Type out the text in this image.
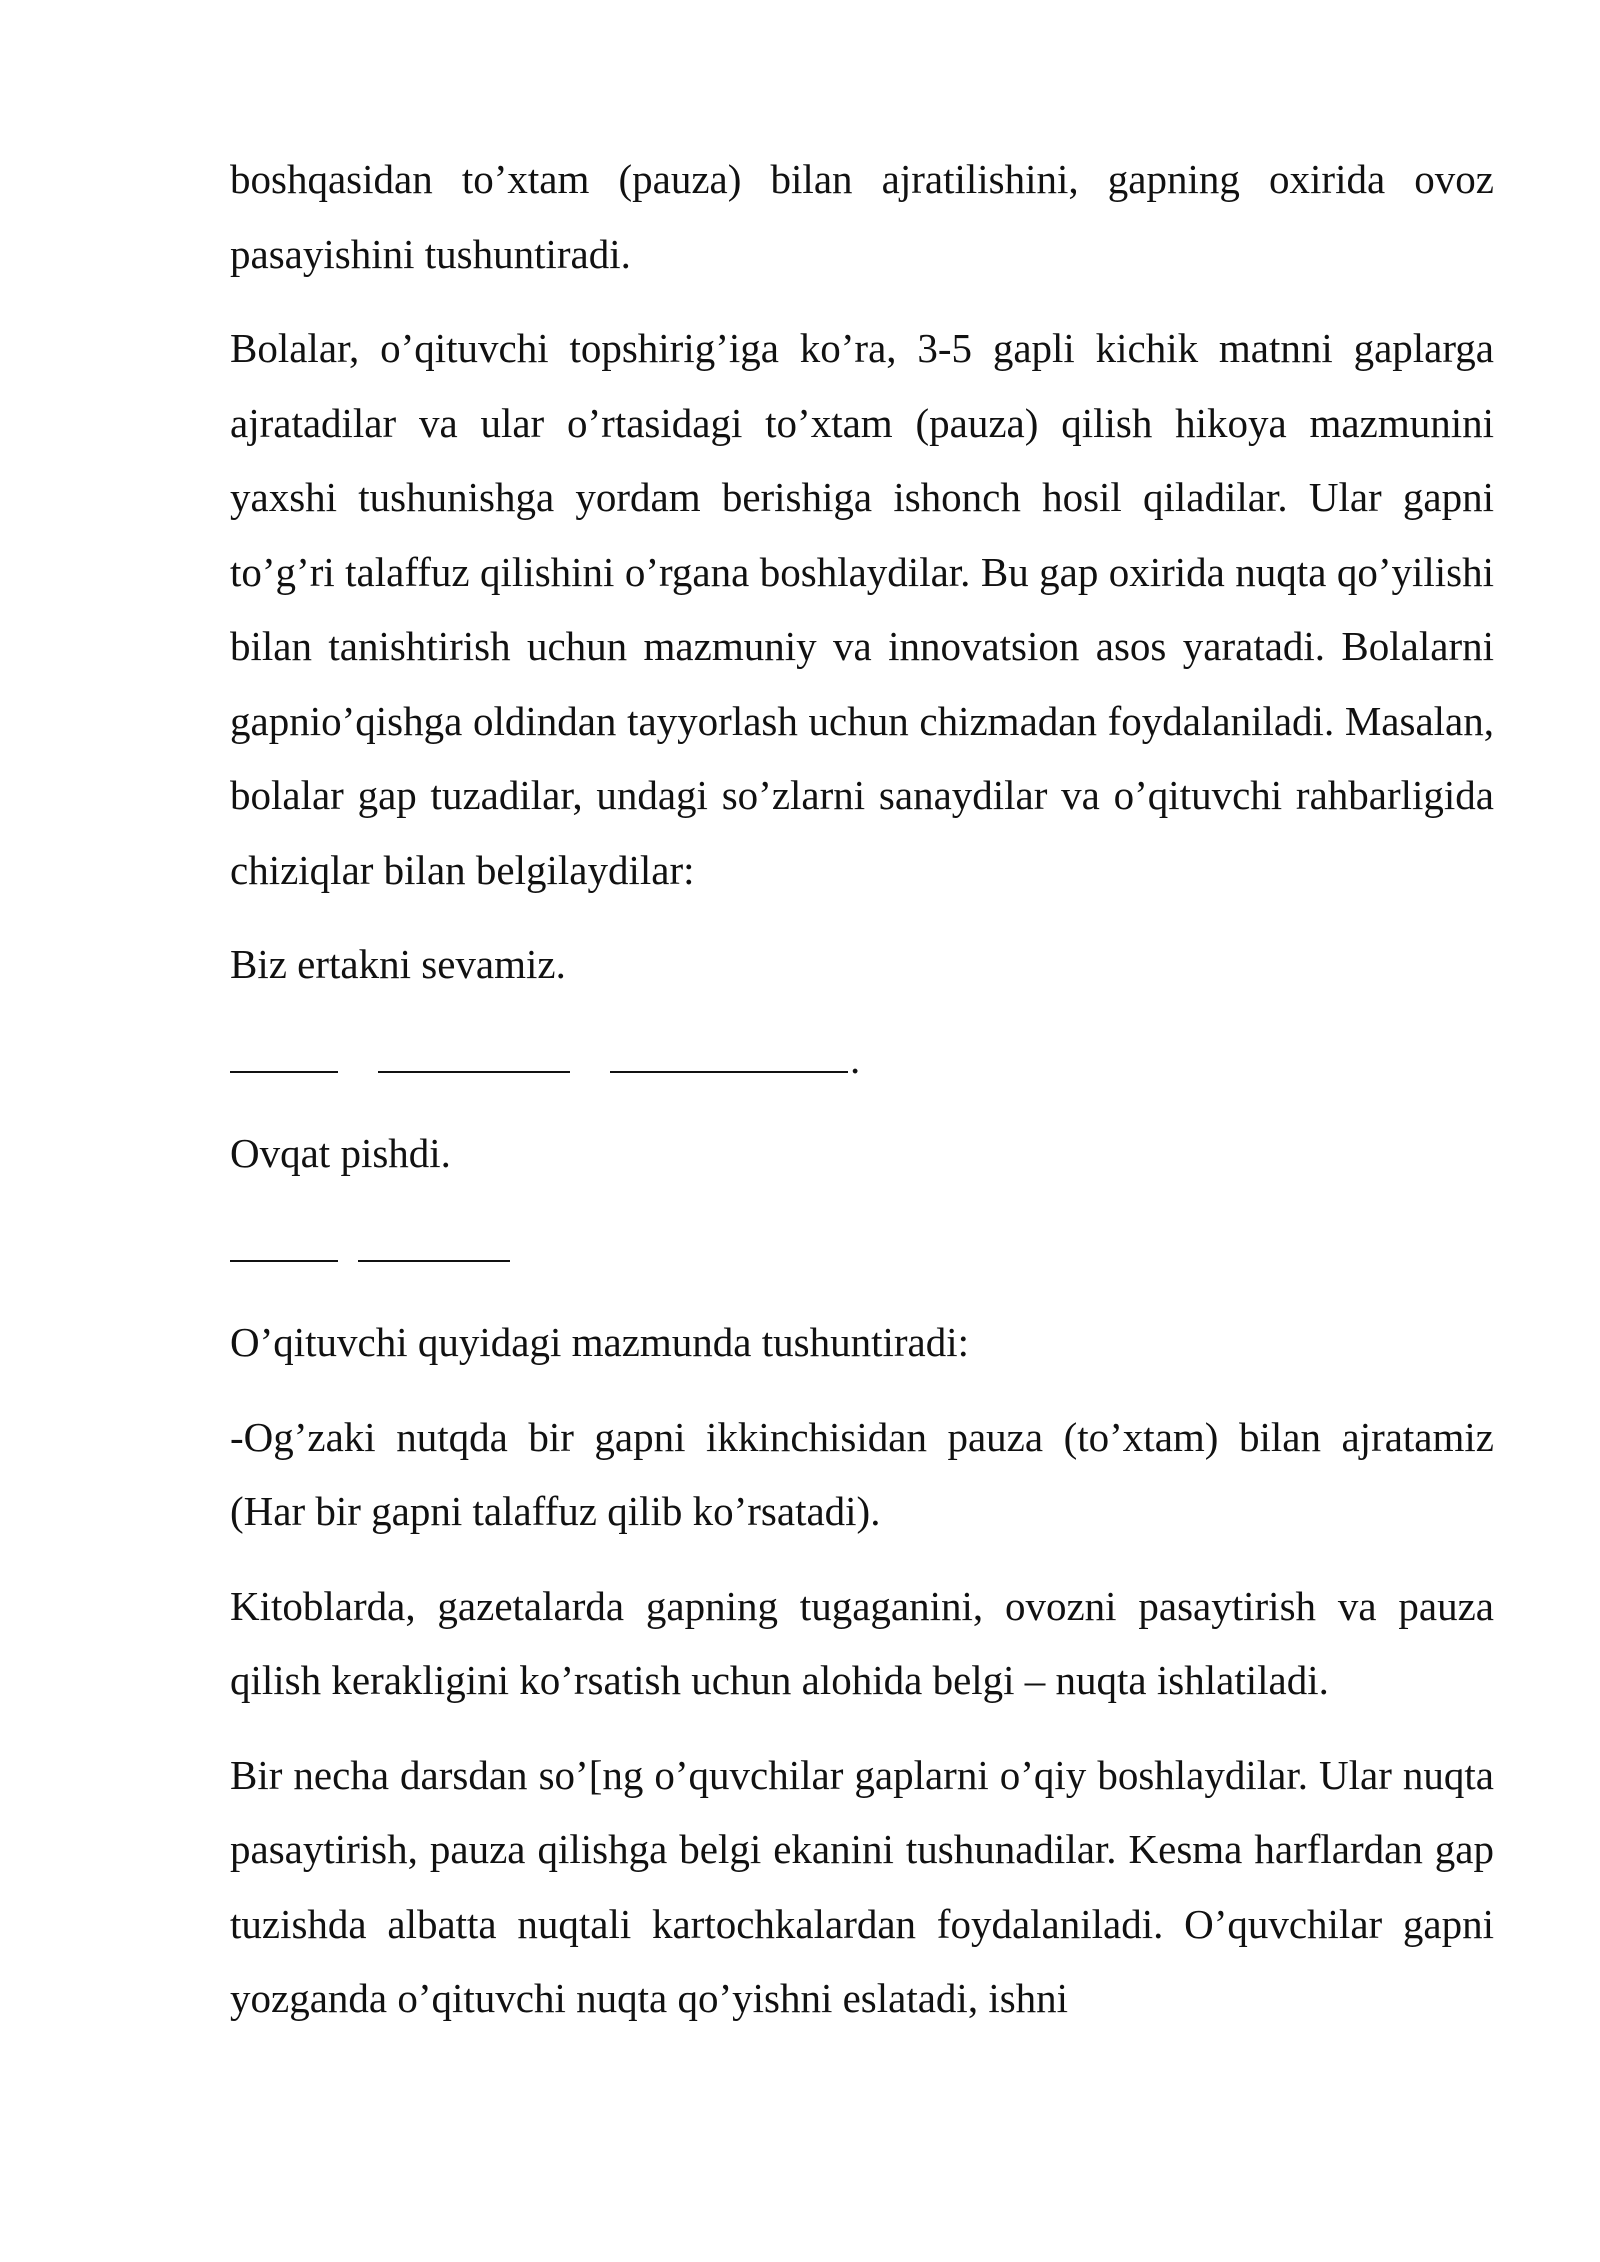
boshqasidan to’xtam (pauza) bilan ajratilishini, gapning oxirida ovoz pasayishini tushuntiradi.

Bolalar, o’qituvchi topshirig’iga ko’ra, 3-5 gapli kichik matnni gaplarga ajratadilar va ular o’rtasidagi to’xtam (pauza) qilish hikoya mazmunini yaxshi tushunishga yordam berishiga ishonch hosil qiladilar. Ular gapni to’g’ri talaffuz qilishini o’rgana boshlaydilar. Bu gap oxirida nuqta qo’yilishi bilan tanishtirish uchun mazmuniy va innovatsion asos yaratadi. Bolalarni gapnio’qishga oldindan tayyorlash uchun chizmadan foydalaniladi. Masalan, bolalar gap tuzadilar, undagi so’zlarni sanaydilar va o’qituvchi rahbarligida chiziqlar bilan belgilaydilar:

Biz ertakni sevamiz.

.

Ovqat pishdi.

O’qituvchi quyidagi mazmunda tushuntiradi:

-Og’zaki nutqda bir gapni ikkinchisidan pauza (to’xtam) bilan ajratamiz (Har bir gapni talaffuz qilib ko’rsatadi).

Kitoblarda, gazetalarda gapning tugaganini, ovozni pasaytirish va pauza qilish kerakligini ko’rsatish uchun alohida belgi – nuqta ishlatiladi.

Bir necha darsdan so’[ng o’quvchilar gaplarni o’qiy boshlaydilar. Ular nuqta pasaytirish, pauza qilishga belgi ekanini tushunadilar. Kesma harflardan gap tuzishda albatta nuqtali kartochkalardan foydalaniladi. O’quvchilar gapni yozganda o’qituvchi nuqta qo’yishni eslatadi, ishni
